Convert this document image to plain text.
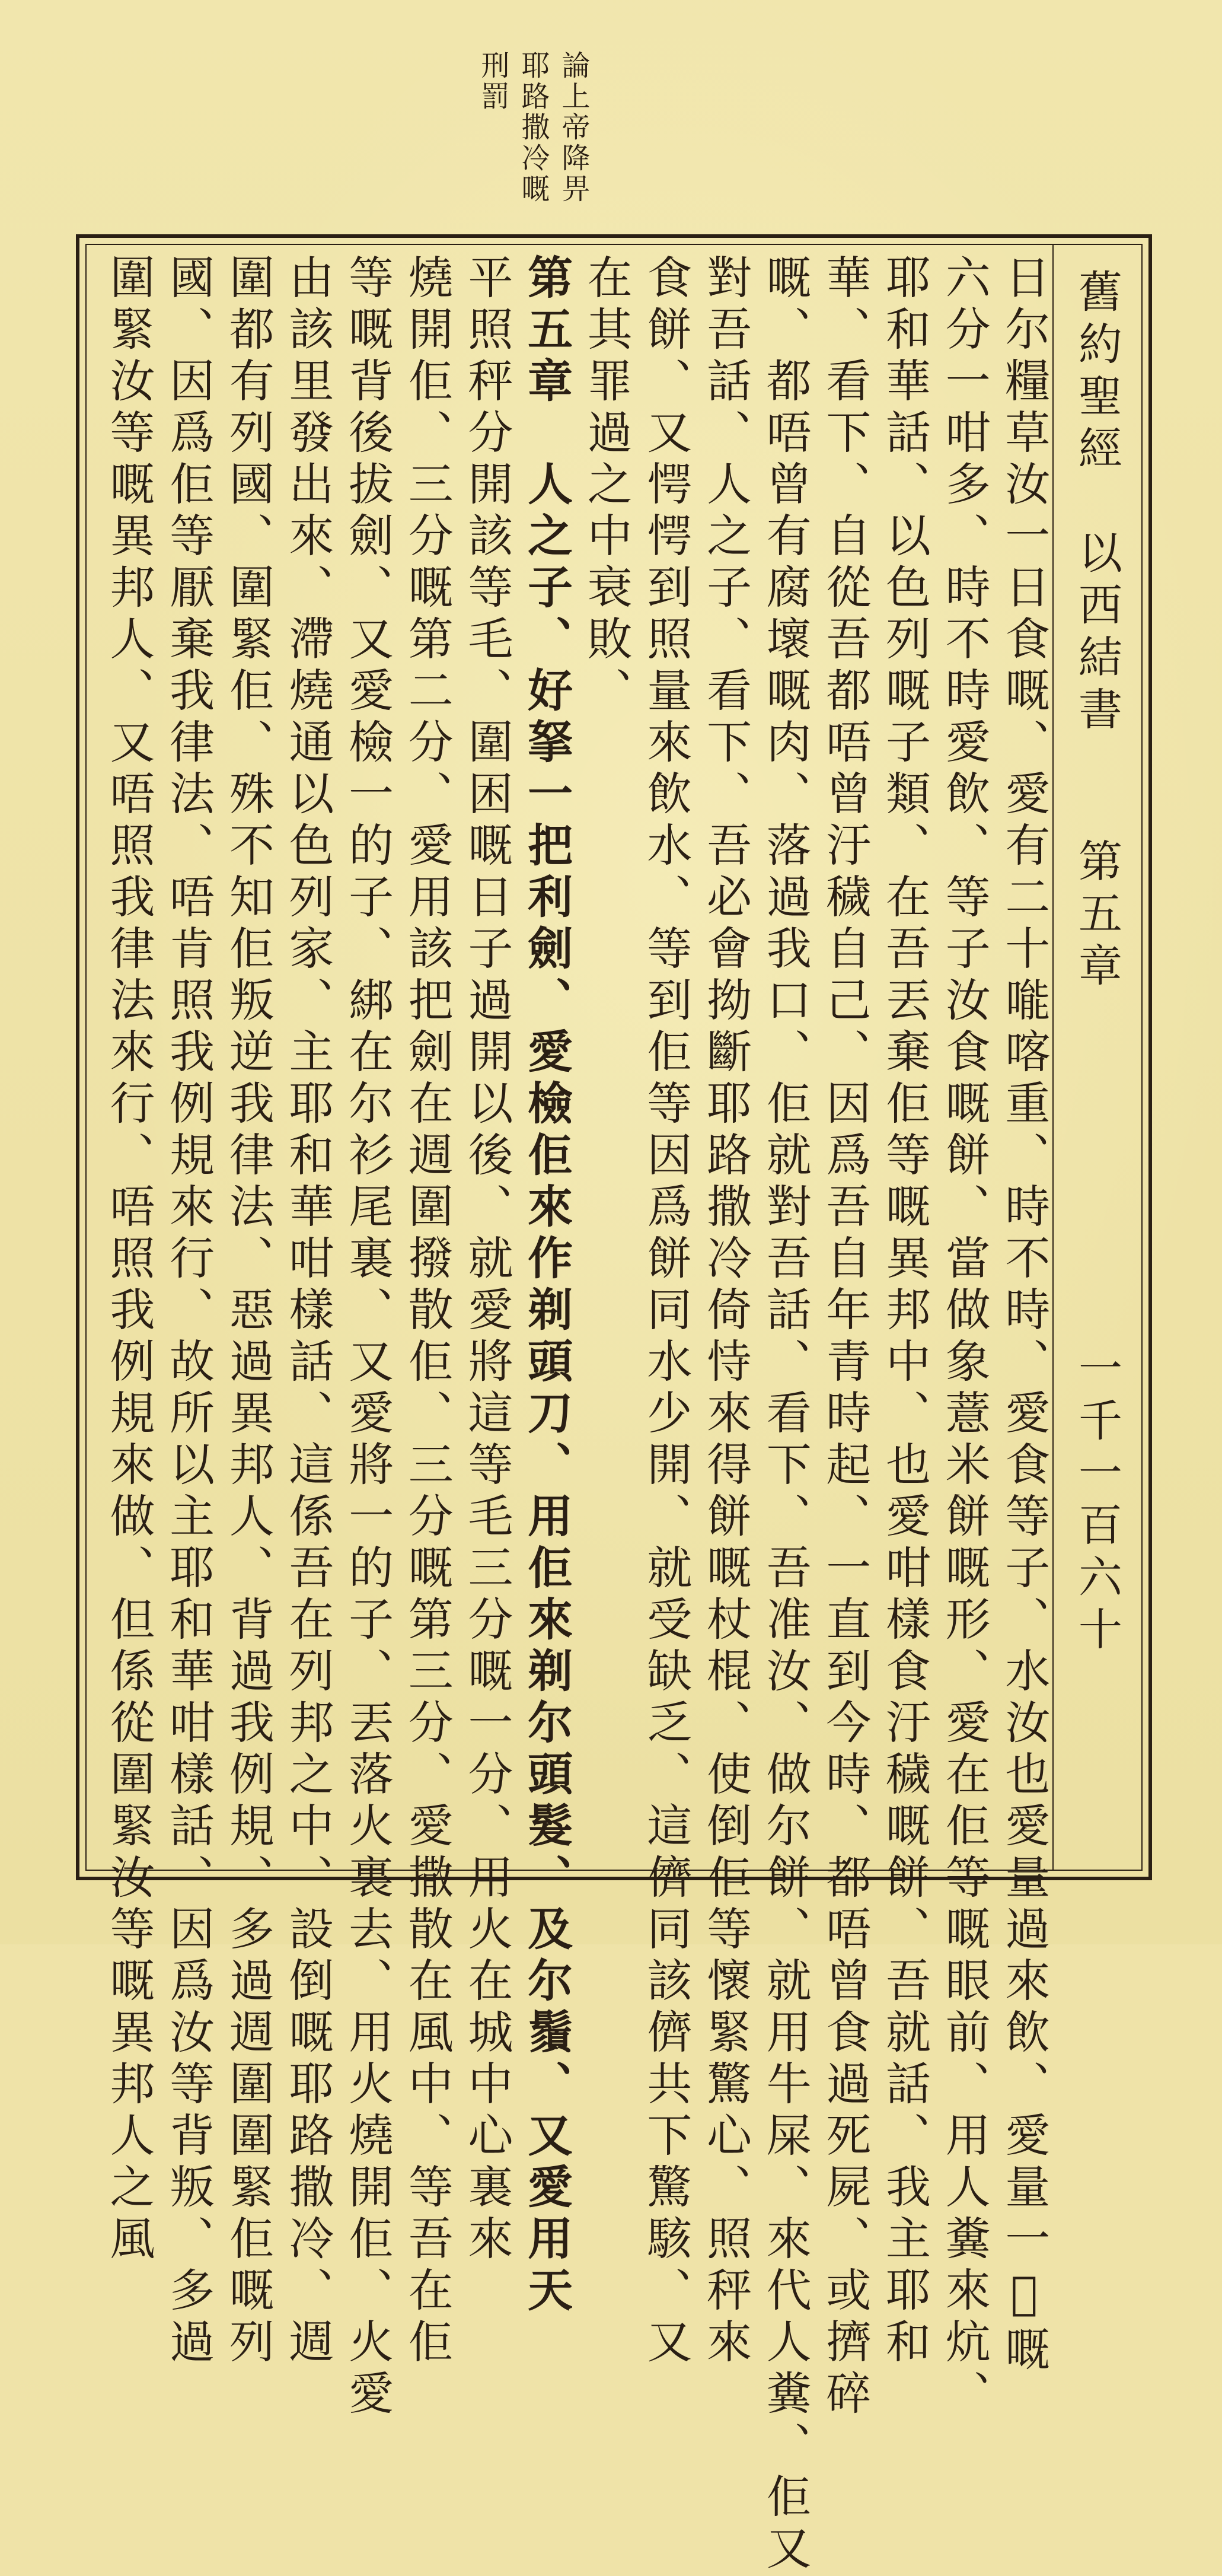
論上帝降畀
耶路撒冷嘅
刑罰
舊約聖經　以西結書
第五章
一千一百六十
日尔糧草汝一日食嘅、愛有二十𠹌喀重、時不時、愛食等子、水汝也愛量過來飲、愛量一𠇢嘅
六分一咁多、時不時愛飲、等子汝食嘅餅、當做象薏米餅嘅形、愛在佢等嘅眼前、用人糞來炕、
耶和華話、以色列嘅子類、在吾丟棄佢等嘅異邦中、也愛咁樣食汙穢嘅餅、吾就話、我主耶和
華、看下、自從吾都唔曾汙穢自己、因爲吾自年青時起、一直到今時、都唔曾食過死屍、或擠碎
嘅、都唔曾有腐壞嘅肉、落過我口、佢就對吾話、看下、吾准汝、做尔餅、就用牛屎、來代人糞、佢又
對吾話、人之子、看下、吾必會拗斷耶路撒冷倚恃來得餅嘅杖棍、使倒佢等懷緊驚心、照秤來
食餅、又愕愕到照量來飲水、等到佢等因爲餅同水少開、就受缺乏、這儕同該儕共下驚駭、又
在其罪過之中衰敗、
第五章　人之子、好拏一把利劍、愛檢佢來作剃頭刀、用佢來剃尔頭髮、及尔鬚、又愛用天
平照秤分開該等毛、圍困嘅日子過開以後、就愛將這等毛三分嘅一分、用火在城中心裏來
燒開佢、三分嘅第二分、愛用該把劍在週圍撥散佢、三分嘅第三分、愛撒散在風中、等吾在佢
等嘅背後拔劍、又愛檢一的子、綁在尔衫尾裏、又愛將一的子、丟落火裏去、用火燒開佢、火愛
由該里發出來、滯燒通以色列家、主耶和華咁樣話、這係吾在列邦之中、設倒嘅耶路撒冷、週
圍都有列國、圍緊佢、殊不知佢叛逆我律法、惡過異邦人、背過我例規、多過週圍圍緊佢嘅列
國、因爲佢等厭棄我律法、唔肯照我例規來行、故所以主耶和華咁樣話、因爲汝等背叛、多過
圍緊汝等嘅異邦人、又唔照我律法來行、唔照我例規來做、但係從圍緊汝等嘅異邦人之風
